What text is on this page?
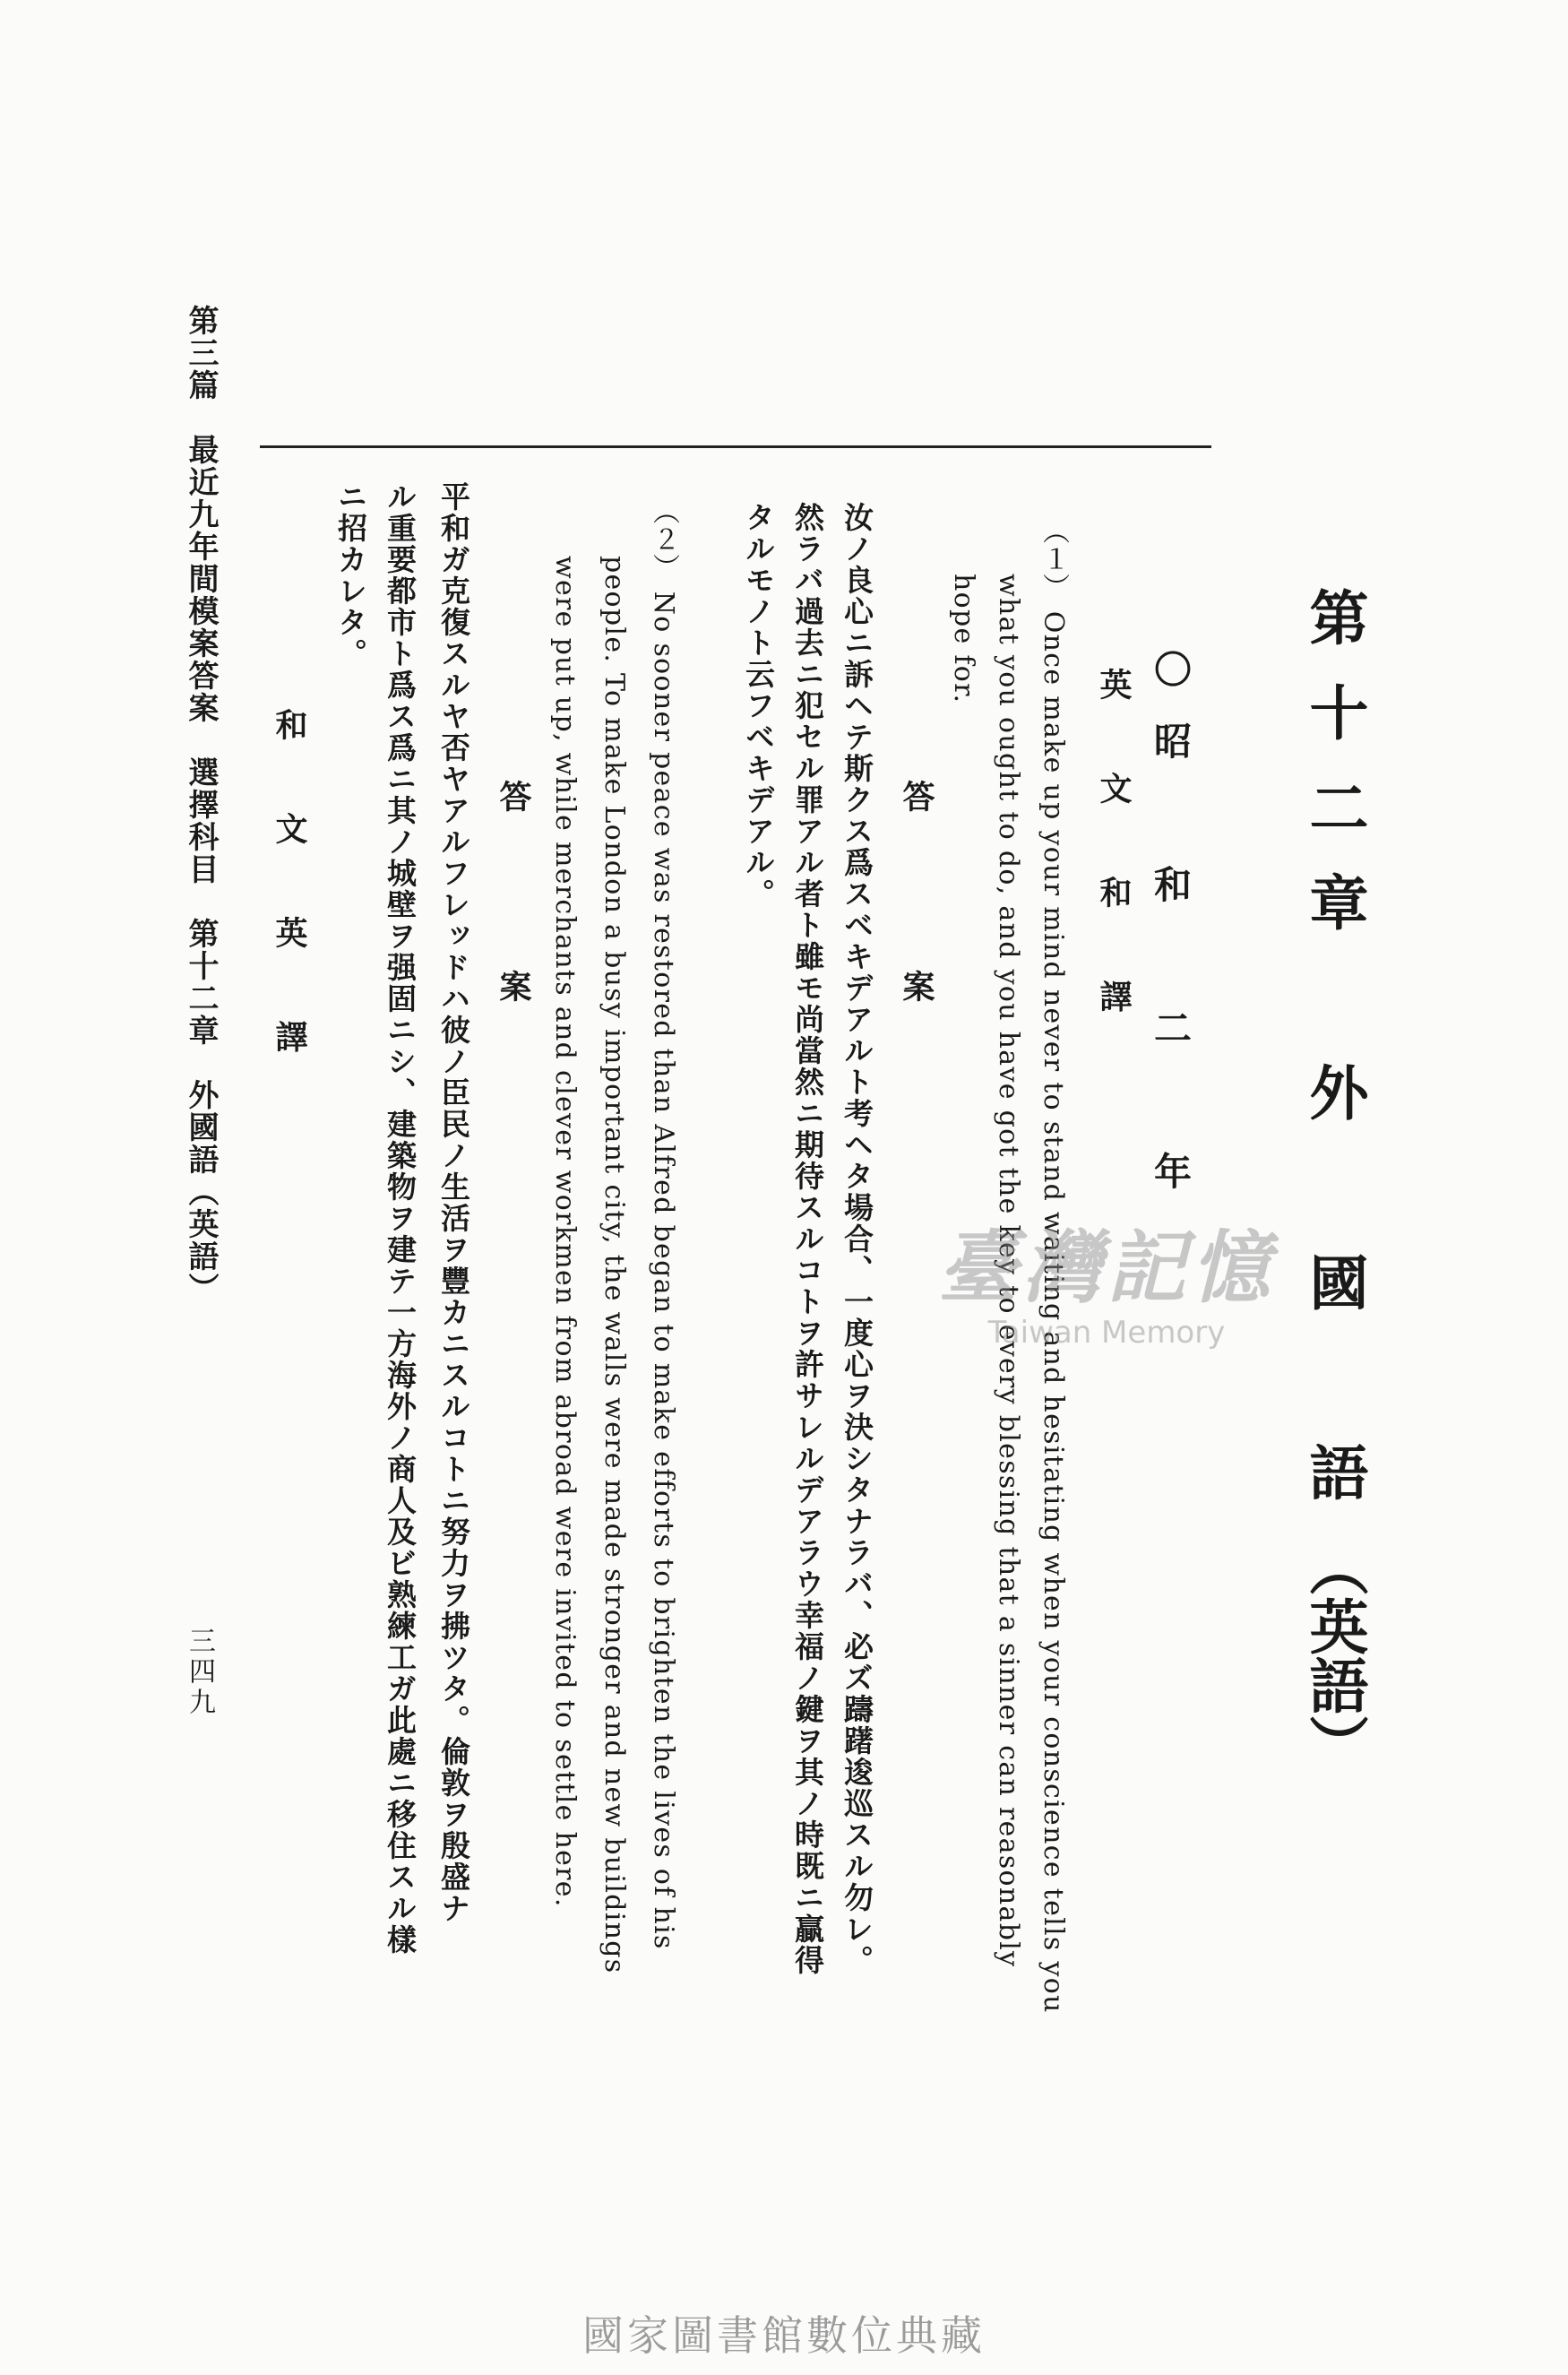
第十二章　外　國　語（英語）
〇昭　和　二　年
英　文　和　譯
（１） Once make up your mind never to stand waiting and hesitating when your conscience tells you
what you ought to do, and you have got the key to every blessing that a sinner can reasonably
hope for.
答　案
汝ノ良心ニ訴ヘテ斯クス爲スベキデアルト考ヘタ場合、一度心ヲ決シタナラバ、必ズ躊躇逡巡スル勿レ。
然ラバ過去ニ犯セル罪アル者ト雖モ尚當然ニ期待スルコトヲ許サレルデアラウ幸福ノ鍵ヲ其ノ時既ニ贏得
タルモノト云フベキデアル。
（２） No sooner peace was restored than Alfred began to make efforts to brighten the lives of his
people. To make London a busy important city, the walls were made stronger and new buildings
were put up, while merchants and clever workmen from abroad were invited to settle here.
答　案
平和ガ克復スルヤ否ヤアルフレッドハ彼ノ臣民ノ生活ヲ豐カニスルコトニ努力ヲ拂ツタ。倫敦ヲ殷盛ナ
ル重要都市ト爲ス爲ニ其ノ城壁ヲ强固ニシ、建築物ヲ建テ一方海外ノ商人及ビ熟練工ガ此處ニ移住スル樣
ニ招カレタ。
和　文　英　譯
第三篇　最近九年間模案答案　選擇科目　第十二章　外國語（英語）
三四九
臺灣記憶
Taiwan Memory
國家圖書館數位典藏
